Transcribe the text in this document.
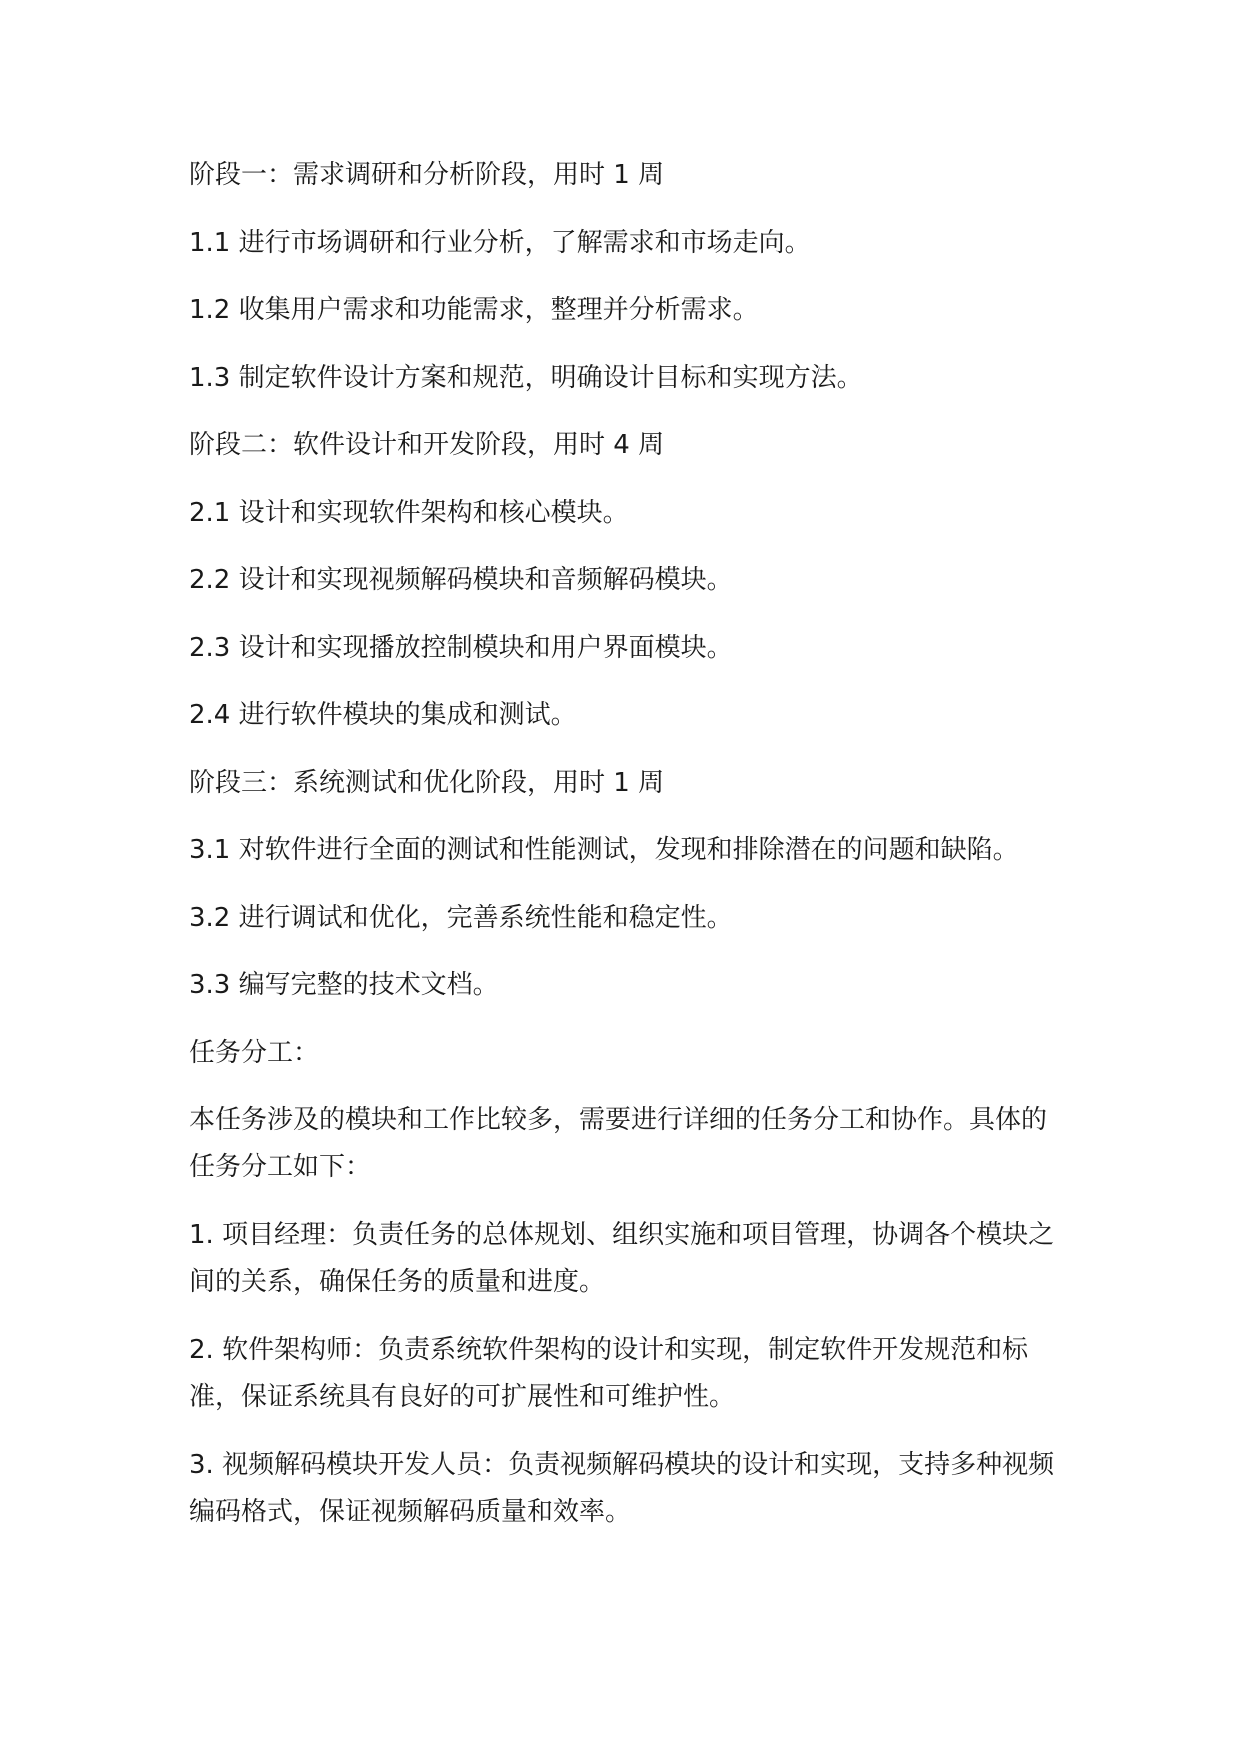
阶段一：需求调研和分析阶段，用时 1 周

1.1 进行市场调研和行业分析，了解需求和市场走向。

1.2 收集用户需求和功能需求，整理并分析需求。

1.3 制定软件设计方案和规范，明确设计目标和实现方法。

阶段二：软件设计和开发阶段，用时 4 周

2.1 设计和实现软件架构和核心模块。

2.2 设计和实现视频解码模块和音频解码模块。

2.3 设计和实现播放控制模块和用户界面模块。

2.4 进行软件模块的集成和测试。

阶段三：系统测试和优化阶段，用时 1 周

3.1 对软件进行全面的测试和性能测试，发现和排除潜在的问题和缺陷。

3.2 进行调试和优化，完善系统性能和稳定性。

3.3 编写完整的技术文档。

任务分工：

本任务涉及的模块和工作比较多，需要进行详细的任务分工和协作。具体的任务分工如下：

1. 项目经理：负责任务的总体规划、组织实施和项目管理，协调各个模块之间的关系，确保任务的质量和进度。

2. 软件架构师：负责系统软件架构的设计和实现，制定软件开发规范和标准，保证系统具有良好的可扩展性和可维护性。

3. 视频解码模块开发人员：负责视频解码模块的设计和实现，支持多种视频编码格式，保证视频解码质量和效率。
